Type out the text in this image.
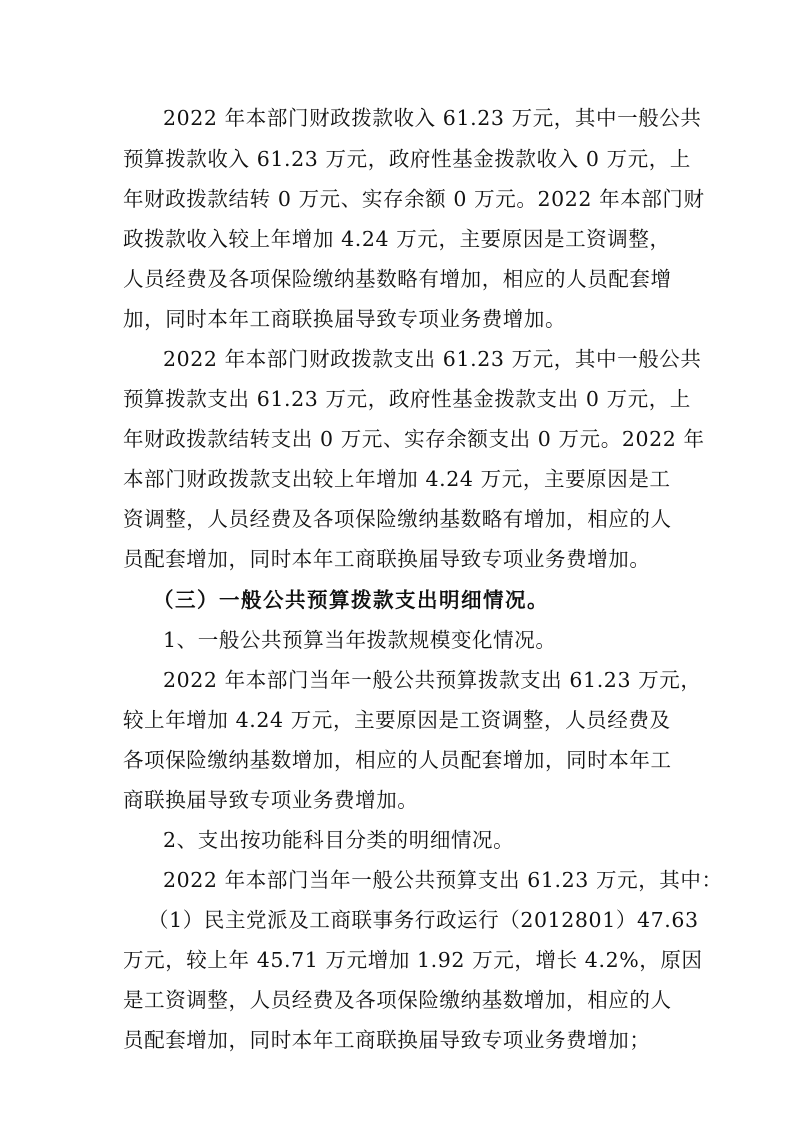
2022 年本部门财政拨款收入 61.23 万元，其中一般公共
预算拨款收入 61.23 万元，政府性基金拨款收入 0 万元，上
年财政拨款结转 0 万元、实存余额 0 万元。2022 年本部门财
政拨款收入较上年增加 4.24 万元，主要原因是工资调整，
人员经费及各项保险缴纳基数略有增加，相应的人员配套增
加，同时本年工商联换届导致专项业务费增加。
2022 年本部门财政拨款支出 61.23 万元，其中一般公共
预算拨款支出 61.23 万元，政府性基金拨款支出 0 万元，上
年财政拨款结转支出 0 万元、实存余额支出 0 万元。2022 年
本部门财政拨款支出较上年增加 4.24 万元，主要原因是工
资调整，人员经费及各项保险缴纳基数略有增加，相应的人
员配套增加，同时本年工商联换届导致专项业务费增加。
（三）一般公共预算拨款支出明细情况。
1、一般公共预算当年拨款规模变化情况。
2022 年本部门当年一般公共预算拨款支出 61.23 万元，
较上年增加 4.24 万元，主要原因是工资调整，人员经费及
各项保险缴纳基数增加，相应的人员配套增加，同时本年工
商联换届导致专项业务费增加。
2、支出按功能科目分类的明细情况。
2022 年本部门当年一般公共预算支出 61.23 万元，其中：
（1）民主党派及工商联事务行政运行（2012801）47.63
万元，较上年 45.71 万元增加 1.92 万元，增长 4.2%，原因
是工资调整，人员经费及各项保险缴纳基数增加，相应的人
员配套增加，同时本年工商联换届导致专项业务费增加；
